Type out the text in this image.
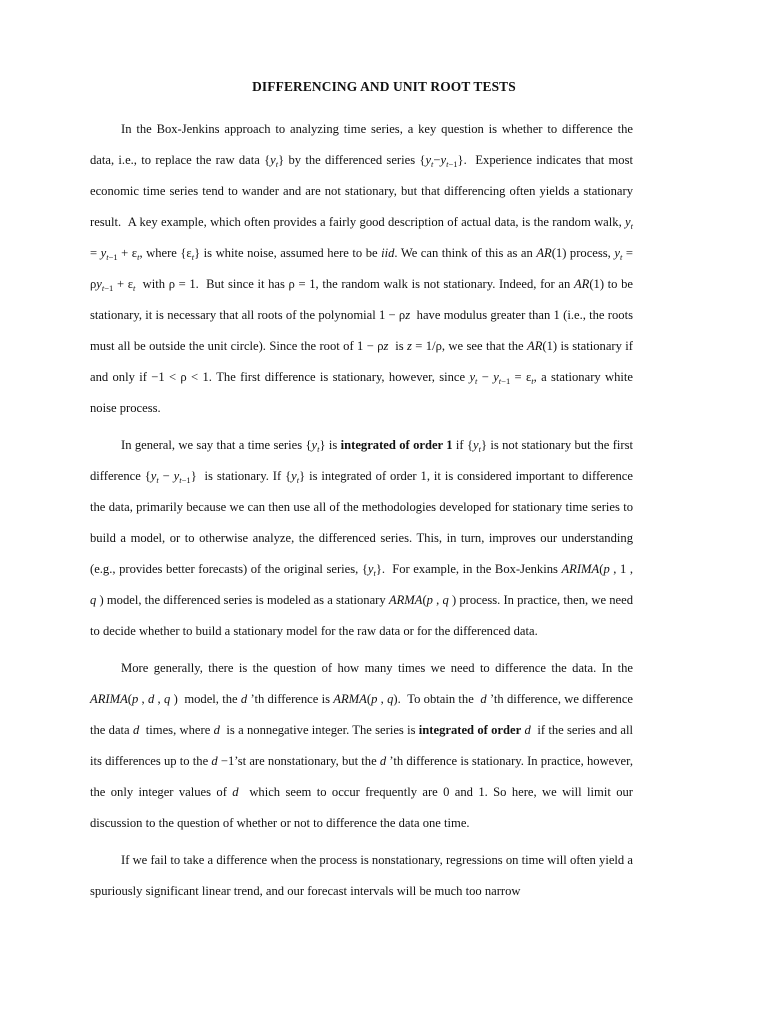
DIFFERENCING AND UNIT ROOT TESTS

In the Box-Jenkins approach to analyzing time series, a key question is whether to difference the data, i.e., to replace the raw data $\{y_t\}$ by the differenced series $\{y_t-y_{t-1}\}$.  Experience indicates that most economic time series tend to wander and are not stationary, but that differencing often yields a stationary result.  A key example, which often provides a fairly good description of actual data, is the random walk, $y_t = y_{t-1} + \varepsilon_t$, where $\{\varepsilon_t\}$ is white noise, assumed here to be iid. We can think of this as an AR(1) process, $y_t = \rho y_{t-1} + \varepsilon_t$  with ρ = 1.  But since it has ρ = 1, the random walk is not stationary. Indeed, for an AR(1) to be stationary, it is necessary that all roots of the polynomial 1 − ρz  have modulus greater than 1 (i.e., the roots must all be outside the unit circle). Since the root of 1 − ρz  is z = 1/ρ, we see that the AR(1) is stationary if and only if −1 < ρ < 1. The first difference is stationary, however, since $y_t - y_{t-1} = \varepsilon_t$, a stationary white noise process.

In general, we say that a time series $\{y_t\}$ is integrated of order 1 if $\{y_t\}$ is not stationary but the first difference $\{y_t - y_{t-1}\}$  is stationary. If $\{y_t\}$ is integrated of order 1, it is considered important to difference the data, primarily because we can then use all of the methodologies developed for stationary time series to build a model, or to otherwise analyze, the differenced series. This, in turn, improves our understanding (e.g., provides better forecasts) of the original series, $\{y_t\}$.  For example, in the Box-Jenkins ARIMA(p , 1 , q ) model, the differenced series is modeled as a stationary ARMA(p , q ) process. In practice, then, we need to decide whether to build a stationary model for the raw data or for the differenced data.

More generally, there is the question of how many times we need to difference the data. In the ARIMA(p , d , q )  model, the d ’th difference is ARMA(p , q).  To obtain the  d ’th difference, we difference the data d  times, where d  is a nonnegative integer. The series is integrated of order d  if the series and all its differences up to the d −1’st are nonstationary, but the d ’th difference is stationary. In practice, however, the only integer values of d  which seem to occur frequently are 0 and 1. So here, we will limit our discussion to the question of whether or not to difference the data one time.

If we fail to take a difference when the process is nonstationary, regressions on time will often yield a spuriously significant linear trend, and our forecast intervals will be much too narrow
